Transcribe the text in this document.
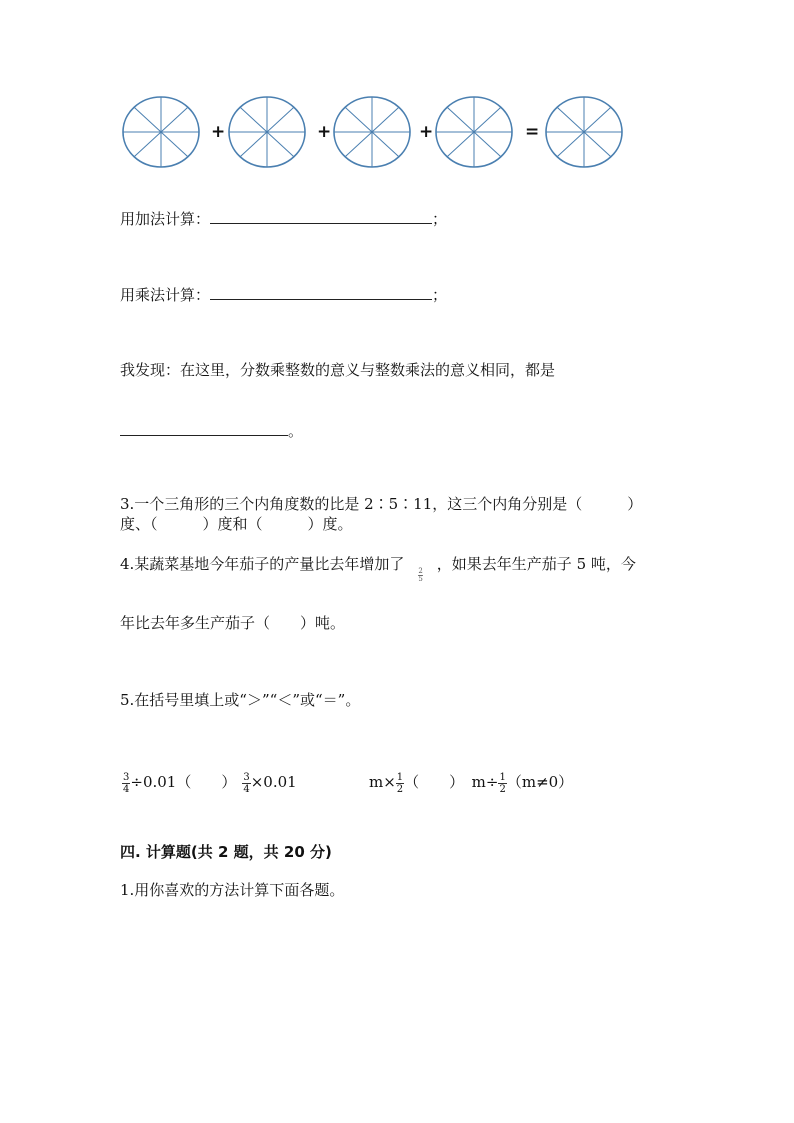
+	+	+	=
用加法计算：	；
用乘法计算：	；
我发现：在这里，分数乘整数的意义与整数乘法的意义相同，都是
。
3.一个三角形的三个内角度数的比是 2∶5∶11，这三个内角分别是（　　　）
度、（　　　）度和（　　　）度。
4.某蔬菜基地今年茄子的产量比去年增加了
$\frac{2}{5}$
，如果去年生产茄子 5 吨，今
年比去年多生产茄子（　　）吨。
5.在括号里填上或“＞”“＜”或“＝”。
$\frac{3}{4} \div 0.01$（　　） $\frac{3}{4} \times 0.01$	$m\times \frac{1}{2}$ （　　）　$m\div \frac{1}{2} (m\ne 0)$
四. 计算题(共 2 题，共 20 分)
1.用你喜欢的方法计算下面各题。
